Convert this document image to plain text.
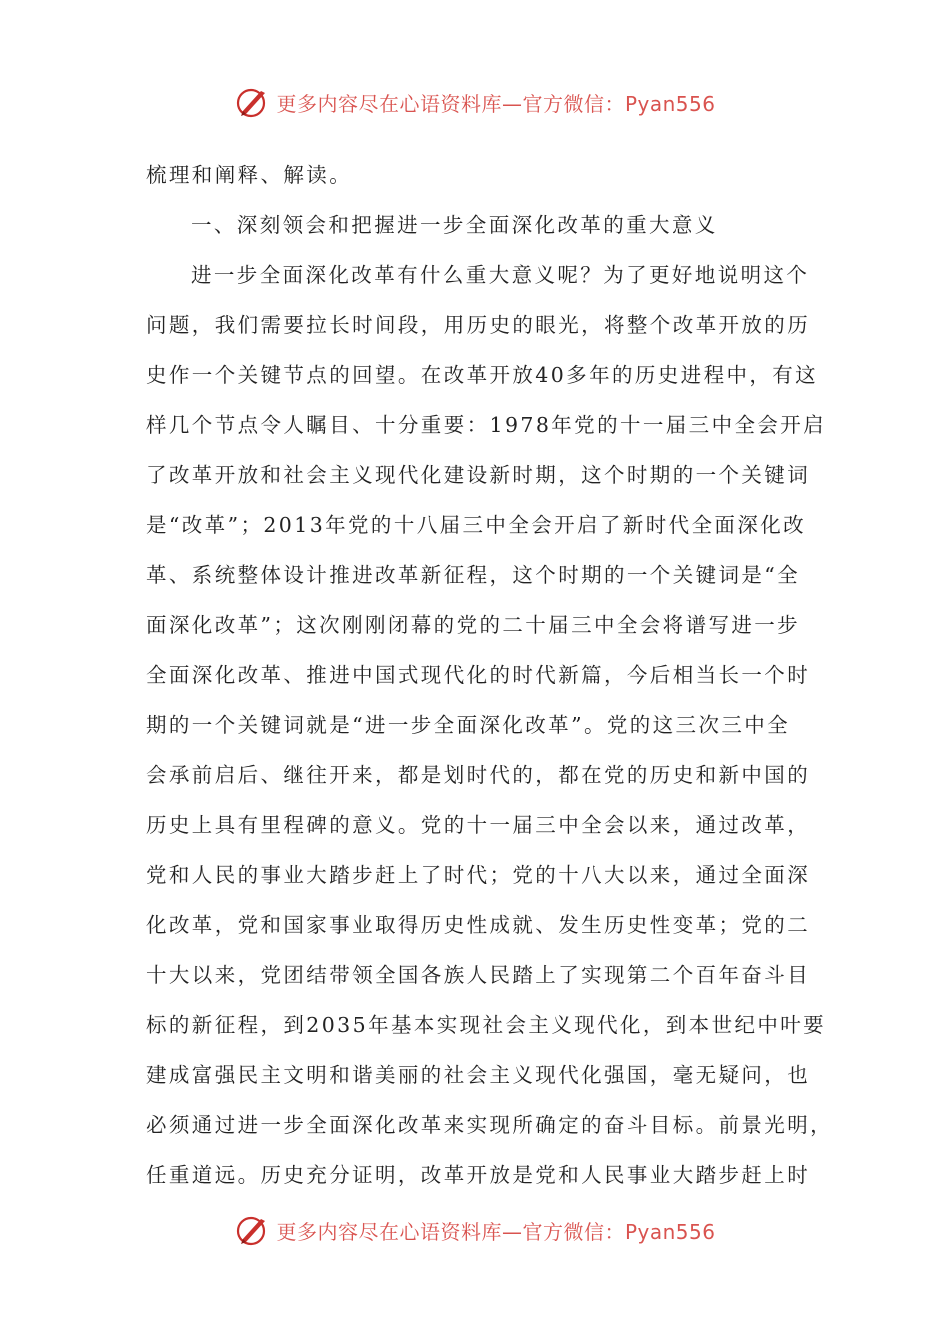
更多内容尽在心语资料库—官方微信：Pyan556
梳理和阐释、解读。
一、深刻领会和把握进一步全面深化改革的重大意义
进一步全面深化改革有什么重大意义呢？为了更好地说明这个
问题，我们需要拉长时间段，用历史的眼光，将整个改革开放的历
史作一个关键节点的回望。在改革开放40多年的历史进程中，有这
样几个节点令人瞩目、十分重要：1978年党的十一届三中全会开启
了改革开放和社会主义现代化建设新时期，这个时期的一个关键词
是“改革”；2013年党的十八届三中全会开启了新时代全面深化改
革、系统整体设计推进改革新征程，这个时期的一个关键词是“全
面深化改革”；这次刚刚闭幕的党的二十届三中全会将谱写进一步
全面深化改革、推进中国式现代化的时代新篇，今后相当长一个时
期的一个关键词就是“进一步全面深化改革”。党的这三次三中全
会承前启后、继往开来，都是划时代的，都在党的历史和新中国的
历史上具有里程碑的意义。党的十一届三中全会以来，通过改革，
党和人民的事业大踏步赶上了时代；党的十八大以来，通过全面深
化改革，党和国家事业取得历史性成就、发生历史性变革；党的二
十大以来，党团结带领全国各族人民踏上了实现第二个百年奋斗目
标的新征程，到2035年基本实现社会主义现代化，到本世纪中叶要
建成富强民主文明和谐美丽的社会主义现代化强国，毫无疑问，也
必须通过进一步全面深化改革来实现所确定的奋斗目标。前景光明，
任重道远。历史充分证明，改革开放是党和人民事业大踏步赶上时
更多内容尽在心语资料库—官方微信：Pyan556
